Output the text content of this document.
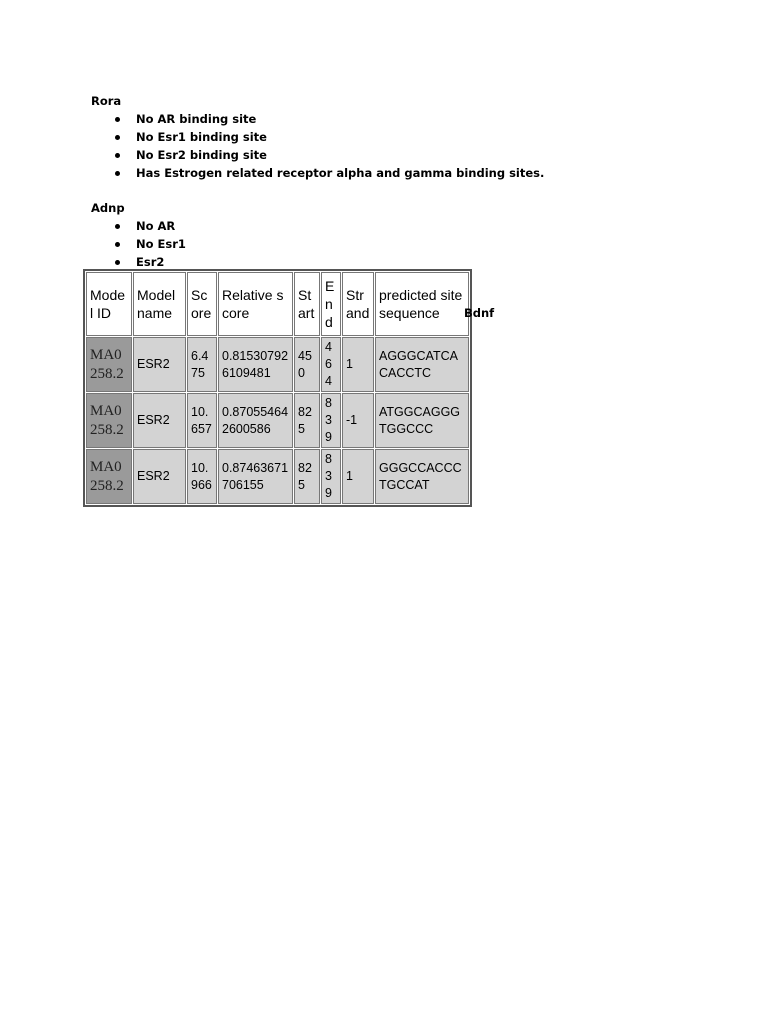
Rora
No AR binding site
No Esr1 binding site
No Esr2 binding site
Has Estrogen related receptor alpha and gamma binding sites.
Adnp
No AR
No Esr1
Esr2
Model ID	Model name	Score	Relative score	Start	End	Strand	predicted site sequence

MA0258.2	ESR2	6.475	0.815307926109481	450	464	1	AGGGCATCACACCTC

MA0258.2	ESR2	10.657	0.870554642600586	825	839	-1	ATGGCAGGGTGGCCC

MA0258.2	ESR2	10.966	0.87463671706155	825	839	1	GGGCCACCCTGCCAT
Bdnf
